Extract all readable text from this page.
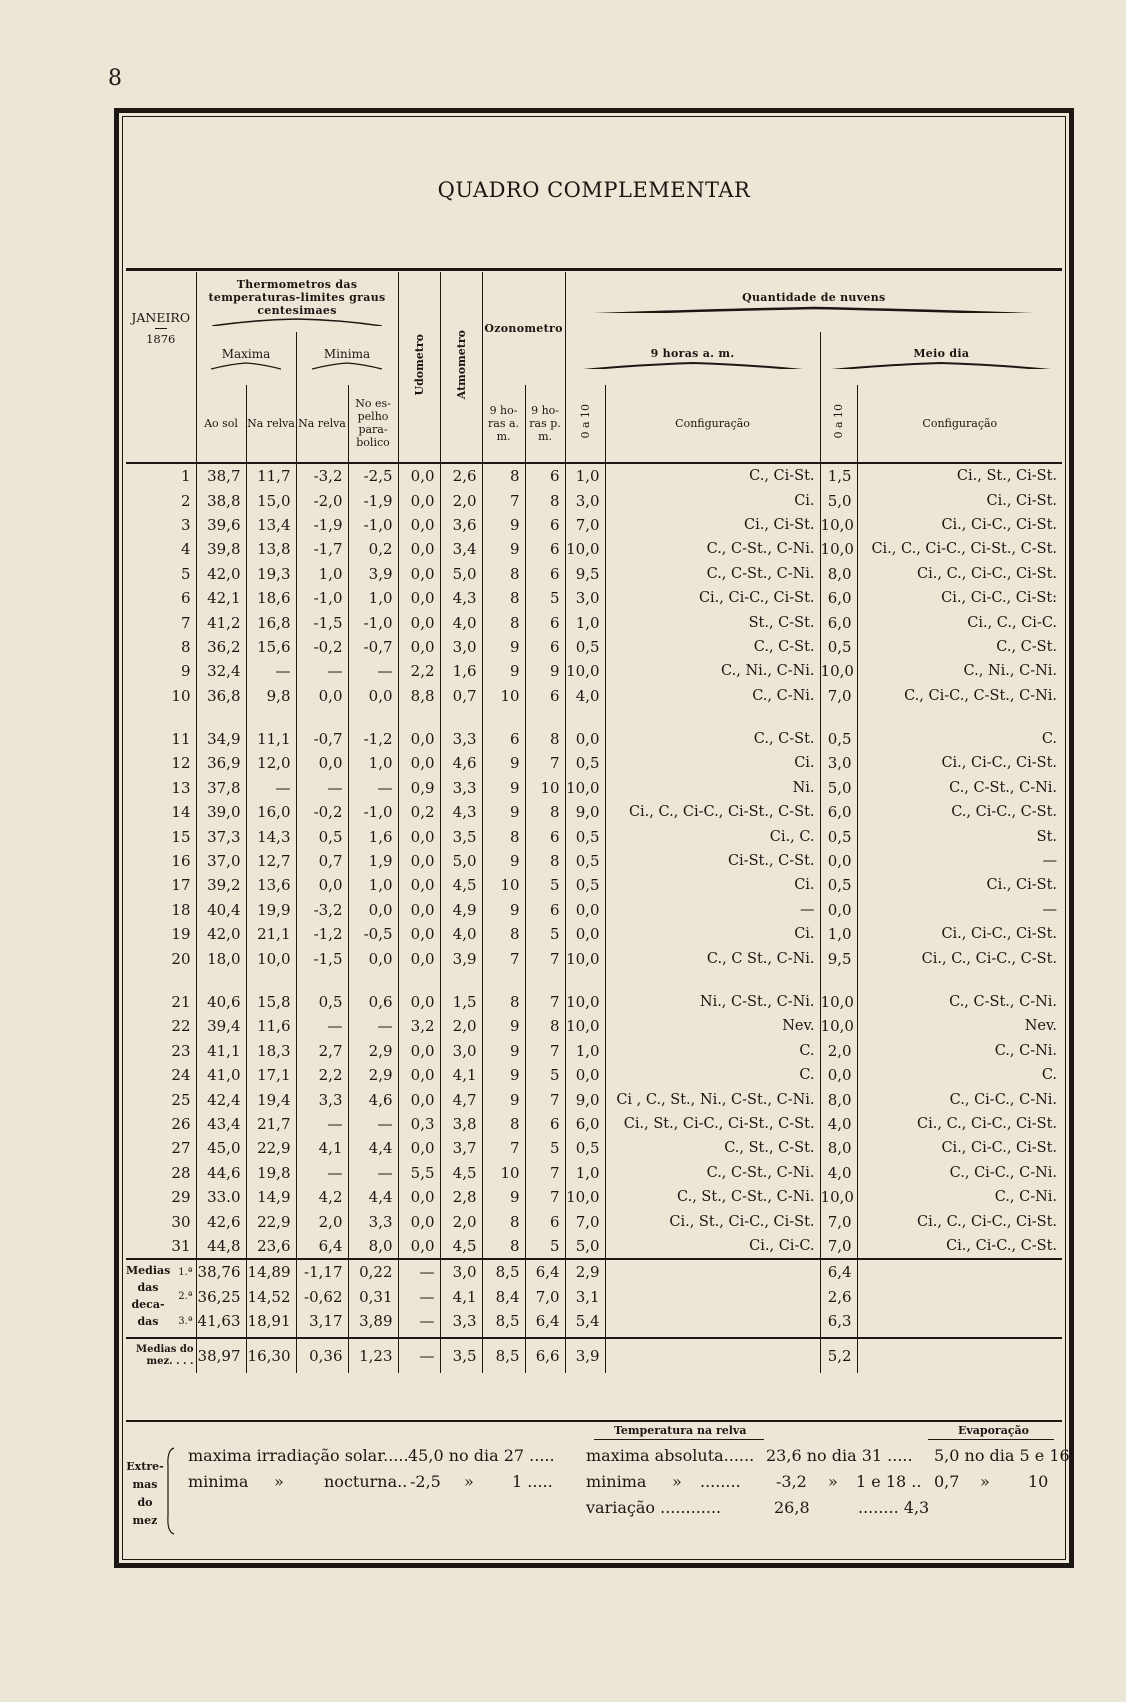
8
QUADRO COMPLEMENTAR
JANEIRO
1876	Thermometros das temperaturas-limites graus centesimaes				Udometro	Atmometro	Ozonometro		Quantidade de nuvens			

	Maxima		Minima						9 horas a. m.		Meio dia	

	Ao sol	Na relva	Na relva	No es- pelho para- bolico			9 ho- ras a. m.	9 ho- ras p. m.	0 a 10	Configuração	0 a 10	Configuração
1	38,7	11,7	-3,2	-2,5	0,0	2,6	8	6	1,0	C., Ci-St.	1,5	Ci., St., Ci-St.
2	38,8	15,0	-2,0	-1,9	0,0	2,0	7	8	3,0	Ci.	5,0	Ci., Ci-St.
3	39,6	13,4	-1,9	-1,0	0,0	3,6	9	6	7,0	Ci., Ci-St.	10,0	Ci., Ci-C., Ci-St.
4	39,8	13,8	-1,7	0,2	0,0	3,4	9	6	10,0	C., C-St., C-Ni.	10,0	Ci., C., Ci-C., Ci-St., C-St.
5	42,0	19,3	1,0	3,9	0,0	5,0	8	6	9,5	C., C-St., C-Ni.	8,0	Ci., C., Ci-C., Ci-St.
6	42,1	18,6	-1,0	1,0	0,0	4,3	8	5	3,0	Ci., Ci-C., Ci-St.	6,0	Ci., Ci-C., Ci-St:
7	41,2	16,8	-1,5	-1,0	0,0	4,0	8	6	1,0	St., C-St.	6,0	Ci., C., Ci-C.
8	36,2	15,6	-0,2	-0,7	0,0	3,0	9	6	0,5	C., C-St.	0,5	C., C-St.
9	32,4	—	—	—	2,2	1,6	9	9	10,0	C., Ni., C-Ni.	10,0	C., Ni., C-Ni.
10	36,8	9,8	0,0	0,0	8,8	0,7	10	6	4,0	C., C-Ni.	7,0	C., Ci-C., C-St., C-Ni.

11	34,9	11,1	-0,7	-1,2	0,0	3,3	6	8	0,0	C., C-St.	0,5	C.
12	36,9	12,0	0,0	1,0	0,0	4,6	9	7	0,5	Ci.	3,0	Ci., Ci-C., Ci-St.
13	37,8	—	—	—	0,9	3,3	9	10	10,0	Ni.	5,0	C., C-St., C-Ni.
14	39,0	16,0	-0,2	-1,0	0,2	4,3	9	8	9,0	Ci., C., Ci-C., Ci-St., C-St.	6,0	C., Ci-C., C-St.
15	37,3	14,3	0,5	1,6	0,0	3,5	8	6	0,5	Ci., C.	0,5	St.
16	37,0	12,7	0,7	1,9	0,0	5,0	9	8	0,5	Ci-St., C-St.	0,0	—
17	39,2	13,6	0,0	1,0	0,0	4,5	10	5	0,5	Ci.	0,5	Ci., Ci-St.
18	40,4	19,9	-3,2	0,0	0,0	4,9	9	6	0,0	—	0,0	—
19	42,0	21,1	-1,2	-0,5	0,0	4,0	8	5	0,0	Ci.	1,0	Ci., Ci-C., Ci-St.
20	18,0	10,0	-1,5	0,0	0,0	3,9	7	7	10,0	C., C St., C-Ni.	9,5	Ci., C., Ci-C., C-St.

21	40,6	15,8	0,5	0,6	0,0	1,5	8	7	10,0	Ni., C-St., C-Ni.	10,0	C., C-St., C-Ni.
22	39,4	11,6	—	—	3,2	2,0	9	8	10,0	Nev.	10,0	Nev.
23	41,1	18,3	2,7	2,9	0,0	3,0	9	7	1,0	C.	2,0	C., C-Ni.
24	41,0	17,1	2,2	2,9	0,0	4,1	9	5	0,0	C.	0,0	C.
25	42,4	19,4	3,3	4,6	0,0	4,7	9	7	9,0	Ci , C., St., Ni., C-St., C-Ni.	8,0	C., Ci-C., C-Ni.
26	43,4	21,7	—	—	0,3	3,8	8	6	6,0	Ci., St., Ci-C., Ci-St., C-St.	4,0	Ci., C., Ci-C., Ci-St.
27	45,0	22,9	4,1	4,4	0,0	3,7	7	5	0,5	C., St., C-St.	8,0	Ci., Ci-C., Ci-St.
28	44,6	19,8	—	—	5,5	4,5	10	7	1,0	C., C-St., C-Ni.	4,0	C., Ci-C., C-Ni.
29	33.0	14,9	4,2	4,4	0,0	2,8	9	7	10,0	C., St., C-St., C-Ni.	10,0	C., C-Ni.
30	42,6	22,9	2,0	3,3	0,0	2,0	8	6	7,0	Ci., St., Ci-C., Ci-St.	7,0	Ci., C., Ci-C., Ci-St.
31	44,8	23,6	6,4	8,0	0,0	4,5	8	5	5,0	Ci., Ci-C.	7,0	Ci., Ci-C., C-St.

Medias
das
deca-
das
1.ª	38,76	14,89	-1,17	0,22	—	3,0	8,5	6,4	2,9		6,4	
2.ª	36,25	14,52	-0,62	0,31	—	4,1	8,4	7,0	3,1		2,6	
3.ª	41,63	18,91	3,17	3,89	—	3,3	8,5	6,4	5,4		6,3	

Medias do mez. . . .	38,97	16,30	0,36	1,23	—	3,5	8,5	6,6	3,9		5,2	
Temperatura na relva	Evaporação
Extre- mas do mez
maxima irradiação solar..... 45,0 no dia 27 ..... maxima absoluta...... 23,6 no dia 31 ..... 5,0 no dia 5 e 16
minima »	nocturna.. -2,5 » 1 ..... minima » ........ -3,2 » 1 e 18 .. 0,7 » 10
variação ............	26,8	........ 4,3
